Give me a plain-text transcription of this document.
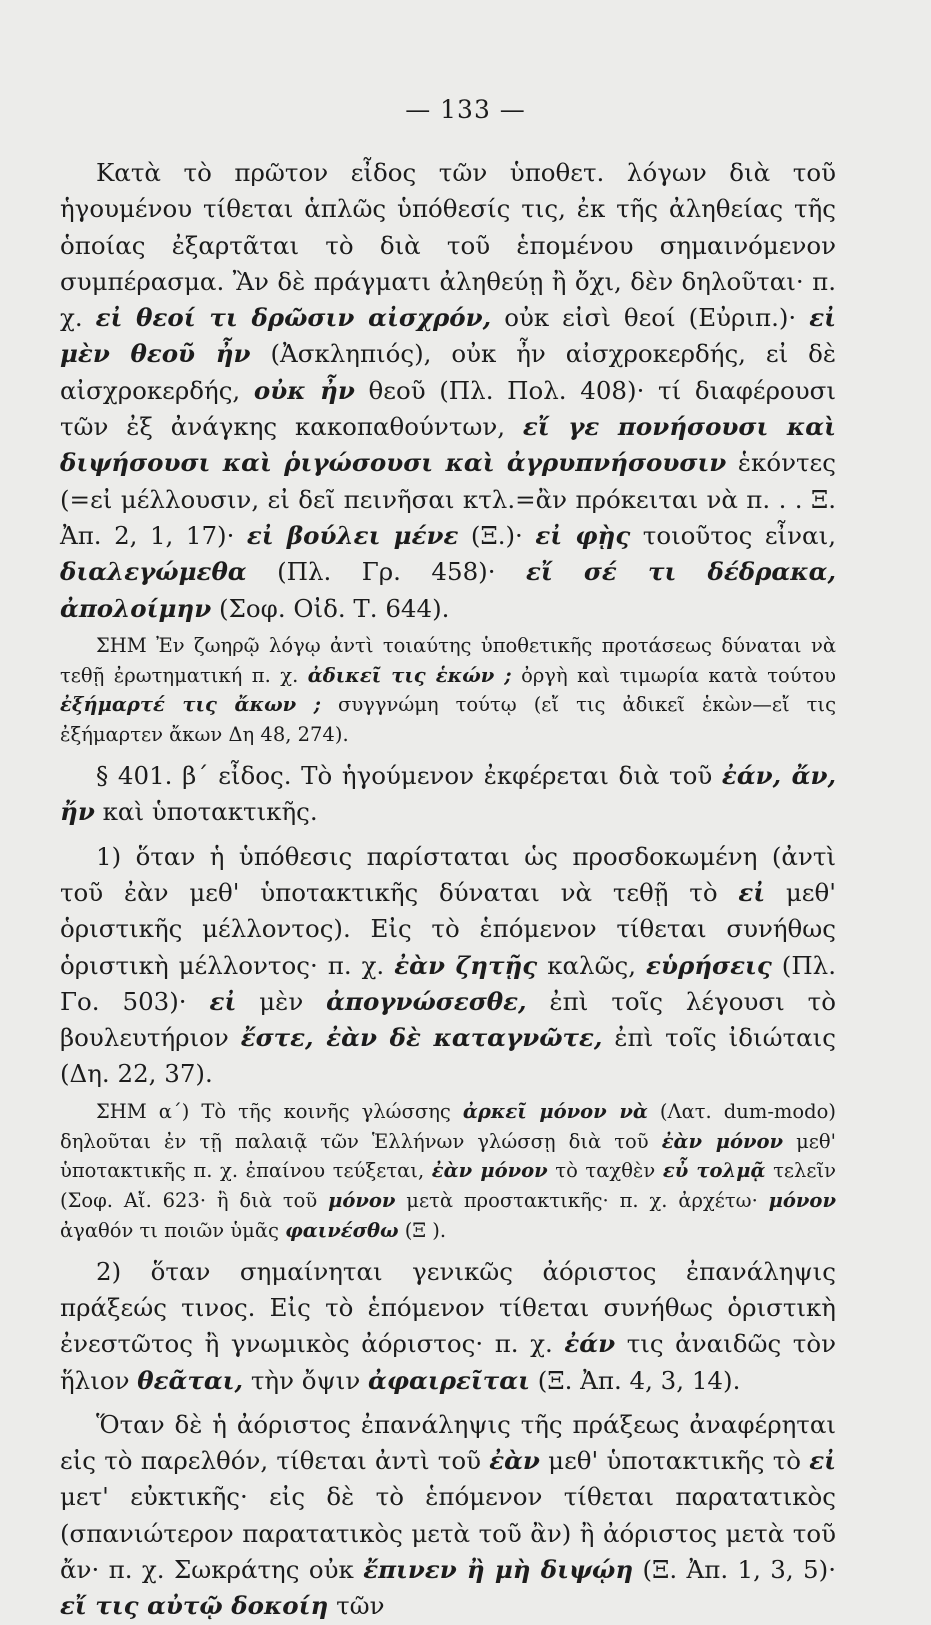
— 133 —

Κατὰ τὸ πρῶτον εἶδος τῶν ὑποθετ. λόγων διὰ τοῦ ἡγουμένου τίθεται ἁπλῶς ὑπόθεσίς τις, ἐκ τῆς ἀληθείας τῆς ὁποίας ἐξαρτᾶται τὸ διὰ τοῦ ἑπομένου σημαινόμενον συμπέρασμα. Ἂν δὲ πράγματι ἀληθεύῃ ἢ ὄχι, δὲν δηλοῦται· π. χ. εἰ θεοί τι δρῶσιν αἰσχρόν, οὐκ εἰσὶ θεοί (Εὐριπ.)· εἰ μὲν θεοῦ ἦν (Ἀσκληπιός), οὐκ ἦν αἰσχροκερδής, εἰ δὲ αἰσχροκερδής, οὐκ ἦν θεοῦ (Πλ. Πολ. 408)· τί διαφέρουσι τῶν ἐξ ἀνάγκης κακοπαθούντων, εἴ γε πονήσουσι καὶ διψήσουσι καὶ ῥιγώσουσι καὶ ἀγρυπνήσουσιν ἑκόντες (=εἰ μέλλουσιν, εἰ δεῖ πεινῆσαι κτλ.=ἂν πρόκειται νὰ π. . . Ξ. Ἀπ. 2, 1, 17)· εἰ βούλει μένε (Ξ.)· εἰ φῂς τοιοῦτος εἶναι, διαλεγώμεθα (Πλ. Γρ. 458)· εἴ σέ τι δέδρακα, ἀπολοίμην (Σοφ. Οἰδ. Τ. 644).

ΣΗΜ Ἐν ζωηρῷ λόγῳ ἀντὶ τοιαύτης ὑποθετικῆς προτάσεως δύναται νὰ τεθῇ ἐρωτηματική π. χ. ἀδικεῖ τις ἑκών ; ὀργὴ καὶ τιμωρία κατὰ τούτου ἐξήμαρτέ τις ἄκων ; συγγνώμη τούτῳ (εἴ τις ἀδικεῖ ἑκὼν—εἴ τις ἐξήμαρτεν ἄκων Δη 48, 274).

§ 401. β΄ εἶδος. Τὸ ἡγούμενον ἐκφέρεται διὰ τοῦ ἐάν, ἄν, ἤν καὶ ὑποτακτικῆς.

1) ὅταν ἡ ὑπόθεσις παρίσταται ὡς προσδοκωμένη (ἀντὶ τοῦ ἐὰν μεθ' ὑποτακτικῆς δύναται νὰ τεθῇ τὸ εἰ μεθ' ὁριστικῆς μέλλοντος). Εἰς τὸ ἑπόμενον τίθεται συνήθως ὁριστικὴ μέλλοντος· π. χ. ἐὰν ζητῇς καλῶς, εὑρήσεις (Πλ. Γο. 503)· εἰ μὲν ἀπογνώσεσθε, ἐπὶ τοῖς λέγουσι τὸ βουλευτήριον ἔστε, ἐὰν δὲ καταγνῶτε, ἐπὶ τοῖς ἰδιώταις (Δη. 22, 37).

ΣΗΜ α΄) Τὸ τῆς κοινῆς γλώσσης ἀρκεῖ μόνον νὰ (Λατ. dum-modo) δηλοῦται ἐν τῇ παλαιᾷ τῶν Ἑλλήνων γλώσσῃ διὰ τοῦ ἐὰν μόνον μεθ' ὑποτακτικῆς π. χ. ἐπαίνου τεύξεται, ἐὰν μόνον τὸ ταχθὲν εὖ τολμᾷ τελεῖν (Σοφ. Αἴ. 623· ἢ διὰ τοῦ μόνον μετὰ προστακτικῆς· π. χ. ἀρχέτω· μόνον ἀγαθόν τι ποιῶν ὑμᾶς φαινέσθω (Ξ ).

2) ὅταν σημαίνηται γενικῶς ἀόριστος ἐπανάληψις πράξεώς τινος. Εἰς τὸ ἑπόμενον τίθεται συνήθως ὁριστικὴ ἐνεστῶτος ἢ γνωμικὸς ἀόριστος· π. χ. ἐάν τις ἀναιδῶς τὸν ἥλιον θεᾶται, τὴν ὄψιν ἀφαιρεῖται (Ξ. Ἀπ. 4, 3, 14).

Ὅταν δὲ ἡ ἀόριστος ἐπανάληψις τῆς πράξεως ἀναφέρηται εἰς τὸ παρελθόν, τίθεται ἀντὶ τοῦ ἐὰν μεθ' ὑποτακτικῆς τὸ εἰ μετ' εὐκτικῆς· εἰς δὲ τὸ ἑπόμενον τίθεται παρατατικὸς (σπανιώτερον παρατατικὸς μετὰ τοῦ ἂν) ἢ ἀόριστος μετὰ τοῦ ἄν· π. χ. Σωκράτης οὐκ ἔπινεν ἢ μὴ διψῴη (Ξ. Ἀπ. 1, 3, 5)· εἴ τις αὐτῷ δοκοίη τῶν
